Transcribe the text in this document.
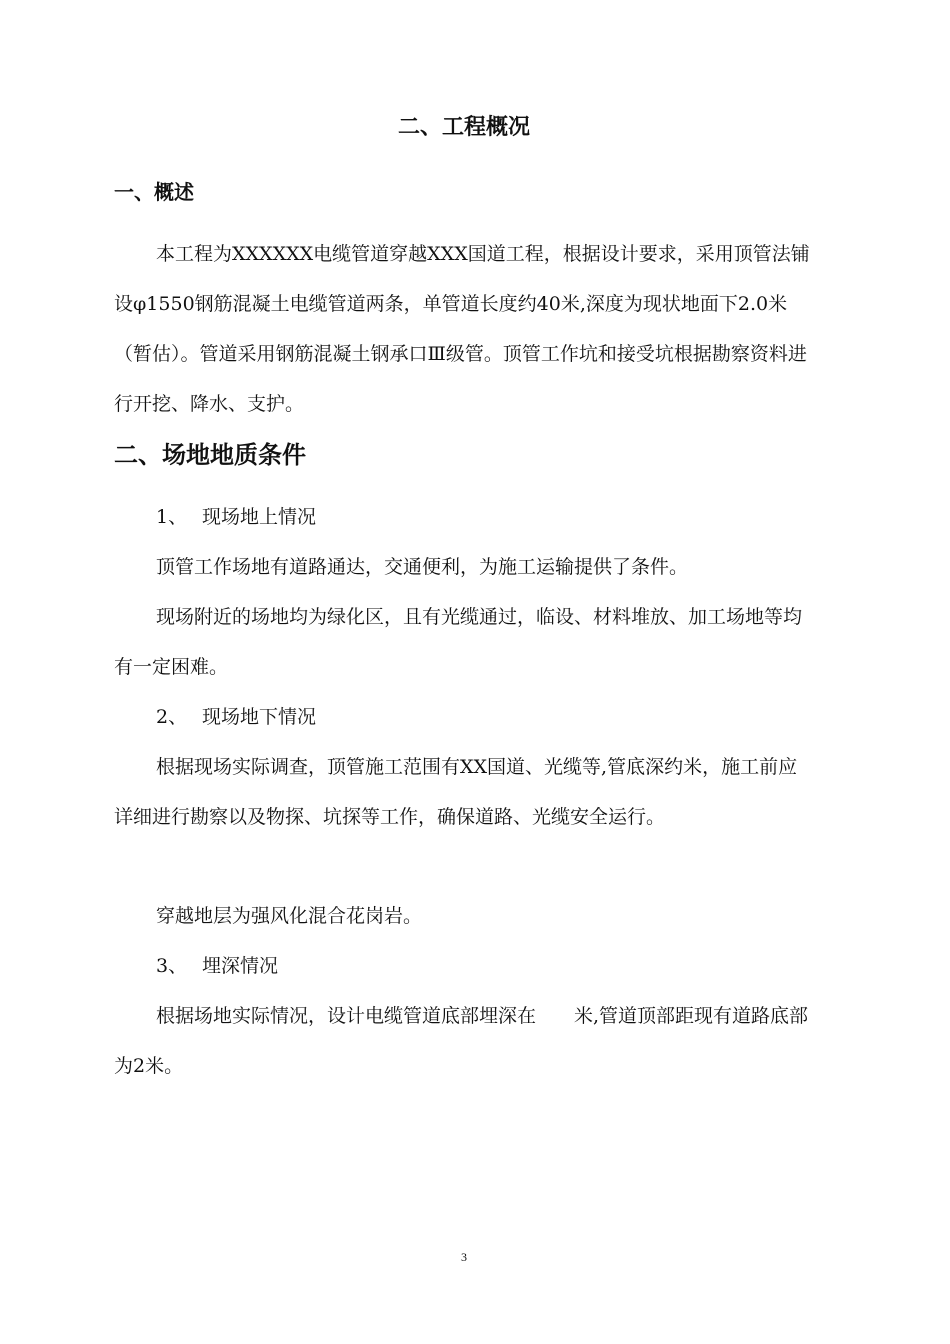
二、工程概况
一、概述

本工程为XXXXXX电缆管道穿越XXX国道工程，根据设计要求，采用顶管法铺设φ1550钢筋混凝土电缆管道两条，单管道长度约40米,深度为现状地面下2.0米（暂估）。管道采用钢筋混凝土钢承口Ⅲ级管。顶管工作坑和接受坑根据勘察资料进行开挖、降水、支护。

二、场地地质条件

1、 现场地上情况

顶管工作场地有道路通达，交通便利，为施工运输提供了条件。

现场附近的场地均为绿化区，且有光缆通过，临设、材料堆放、加工场地等均有一定困难。

2、 现场地下情况

根据现场实际调查，顶管施工范围有XX国道、光缆等,管底深约米，施工前应详细进行勘察以及物探、坑探等工作，确保道路、光缆安全运行。

穿越地层为强风化混合花岗岩。

3、 埋深情况

根据场地实际情况，设计电缆管道底部埋深在　　米,管道顶部距现有道路底部为2米。

3
